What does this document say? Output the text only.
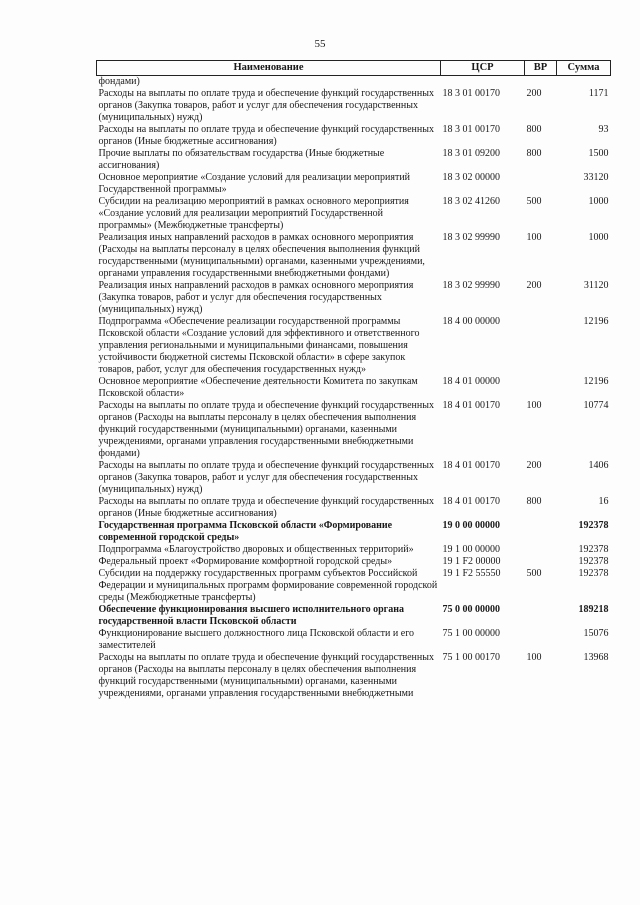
55
Наименование	ЦСР	ВР	Сумма
фондами)			
Расходы на выплаты по оплате труда и обеспечение функций государственных органов (Закупка товаров, работ и услуг для обеспечения государственных (муниципальных) нужд)	18 3 01 00170	200	1171
Расходы на выплаты по оплате труда и обеспечение функций государственных органов (Иные бюджетные ассигнования)	18 3 01 00170	800	93
Прочие выплаты по обязательствам государства (Иные бюджетные ассигнования)	18 3 01 09200	800	1500
Основное мероприятие «Создание условий для реализации мероприятий Государственной программы»	18 3 02 00000		33120
Субсидии на реализацию мероприятий в рамках основного мероприятия «Создание условий для реализации мероприятий Государственной программы» (Межбюджетные трансферты)	18 3 02 41260	500	1000
Реализация иных направлений расходов в рамках основного мероприятия (Расходы на выплаты персоналу в целях обеспечения выполнения функций государственными (муниципальными) органами, казенными учреждениями, органами управления государственными внебюджетными фондами)	18 3 02 99990	100	1000
Реализация иных направлений расходов в рамках основного мероприятия (Закупка товаров, работ и услуг для обеспечения государственных (муниципальных) нужд)	18 3 02 99990	200	31120
Подпрограмма «Обеспечение реализации государственной программы Псковской области «Создание условий для эффективного и ответственного управления региональными и муниципальными финансами, повышения устойчивости бюджетной системы Псковской области» в сфере закупок товаров, работ, услуг для обеспечения государственных нужд»	18 4 00 00000		12196
Основное мероприятие «Обеспечение деятельности Комитета по закупкам Псковской области»	18 4 01 00000		12196
Расходы на выплаты по оплате труда и обеспечение функций государственных органов (Расходы на выплаты персоналу в целях обеспечения выполнения функций государственными (муниципальными) органами, казенными учреждениями, органами управления государственными внебюджетными фондами)	18 4 01 00170	100	10774
Расходы на выплаты по оплате труда и обеспечение функций государственных органов (Закупка товаров, работ и услуг для обеспечения государственных (муниципальных) нужд)	18 4 01 00170	200	1406
Расходы на выплаты по оплате труда и обеспечение функций государственных органов (Иные бюджетные ассигнования)	18 4 01 00170	800	16
Государственная программа Псковской области «Формирование современной городской среды»	19 0 00 00000		192378
Подпрограмма «Благоустройство дворовых и общественных территорий»	19 1 00 00000		192378
Федеральный проект «Формирование комфортной городской среды»	19 1 F2 00000		192378
Субсидии на поддержку государственных программ субъектов Российской Федерации и муниципальных программ формирование современной городской среды (Межбюджетные трансферты)	19 1 F2 55550	500	192378
Обеспечение функционирования высшего исполнительного органа государственной власти Псковской области	75 0 00 00000		189218
Функционирование высшего должностного лица Псковской области и его заместителей	75 1 00 00000		15076
Расходы на выплаты по оплате труда и обеспечение функций государственных органов (Расходы на выплаты персоналу в целях обеспечения выполнения функций государственными (муниципальными) органами, казенными учреждениями, органами управления государственными внебюджетными	75 1 00 00170	100	13968
